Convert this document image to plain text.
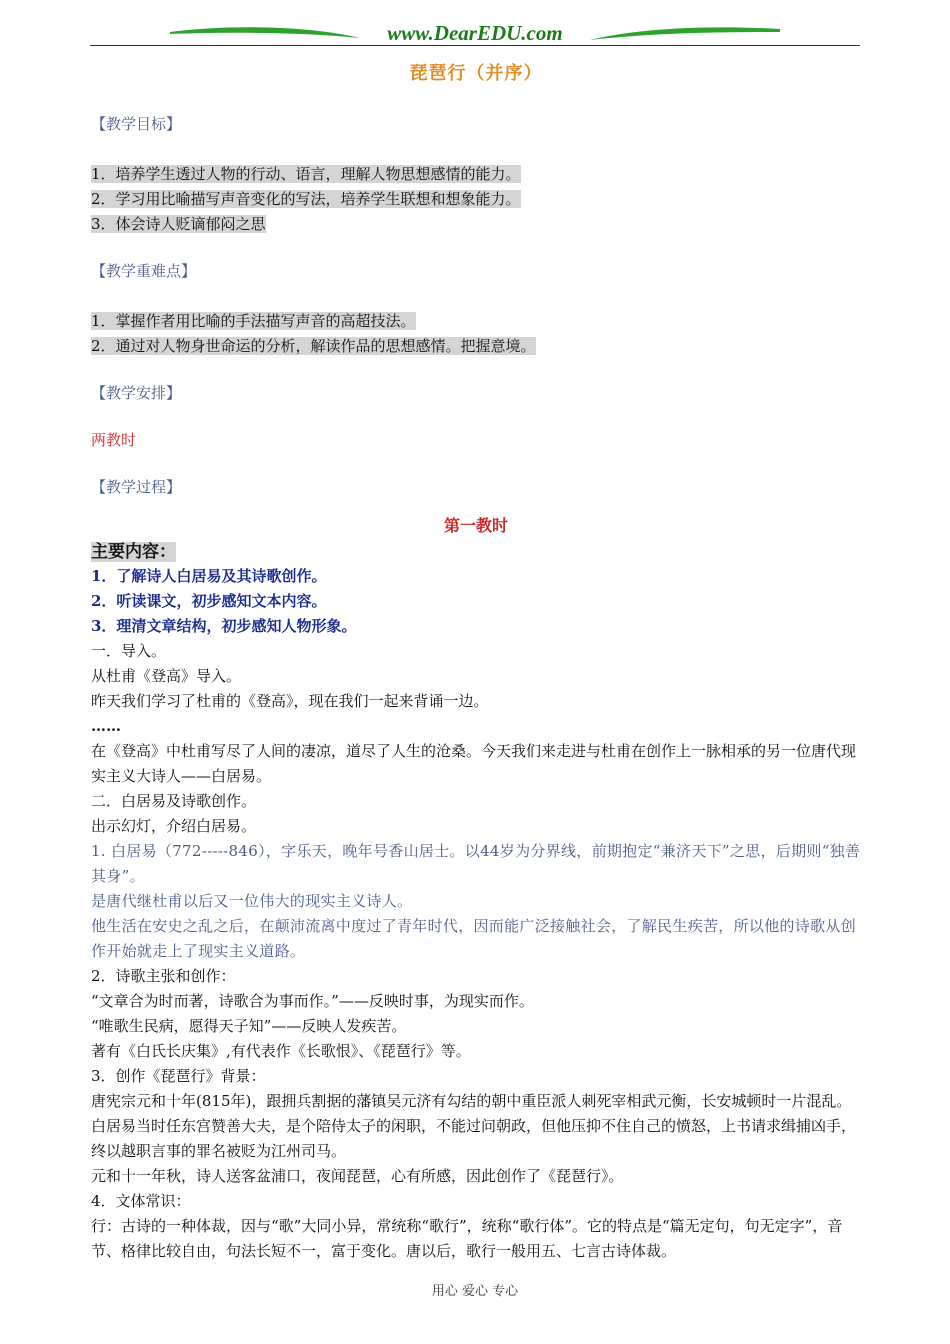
www.DearEDU.com
琵琶行（并序）
【教学目标】

1．培养学生透过人物的行动、语言，理解人物思想感情的能力。

2．学习用比喻描写声音变化的写法，培养学生联想和想象能力。

3．体会诗人贬谪郁闷之思

【教学重难点】

1．掌握作者用比喻的手法描写声音的高超技法。

2．通过对人物身世命运的分析，解读作品的思想感情。把握意境。

【教学安排】
两教时
【教学过程】
第一教时
主要内容：

1．了解诗人白居易及其诗歌创作。

2．听读课文，初步感知文本内容。

3．理清文章结构，初步感知人物形象。

一．导入。

从杜甫《登高》导入。

昨天我们学习了杜甫的《登高》，现在我们一起来背诵一边。

……

在《登高》中杜甫写尽了人间的凄凉，道尽了人生的沧桑。今天我们来走进与杜甫在创作上一脉相承的另一位唐代现实主义大诗人——白居易。

二．白居易及诗歌创作。

出示幻灯，介绍白居易。

1. 白居易（772-----846），字乐天，晚年号香山居士。以44岁为分界线，前期抱定“兼济天下”之思，后期则“独善其身”。

是唐代继杜甫以后又一位伟大的现实主义诗人。

他生活在安史之乱之后，在颠沛流离中度过了青年时代，因而能广泛接触社会，了解民生疾苦，所以他的诗歌从创作开始就走上了现实主义道路。

2．诗歌主张和创作：

“文章合为时而著，诗歌合为事而作。”——反映时事，为现实而作。

“唯歌生民病，愿得天子知”——反映人发疾苦。

著有《白氏长庆集》,有代表作《长歌恨》、《琵琶行》等。

3．创作《琵琶行》背景：

唐宪宗元和十年(815年)，跟拥兵割据的藩镇吴元济有勾结的朝中重臣派人刺死宰相武元衡，长安城顿时一片混乱。白居易当时任东宫赞善大夫，是个陪侍太子的闲职，不能过问朝政，但他压抑不住自己的愤怒，上书请求缉捕凶手，终以越职言事的罪名被贬为江州司马。

元和十一年秋，诗人送客盆浦口，夜闻琵琶，心有所感，因此创作了《琵琶行》。

4．文体常识：

行：古诗的一种体裁，因与“歌”大同小异，常统称“歌行”，统称“歌行体”。它的特点是“篇无定句，句无定字”，音节、格律比较自由，句法长短不一，富于变化。唐以后，歌行一般用五、七言古诗体裁。

用心 爱心 专心
